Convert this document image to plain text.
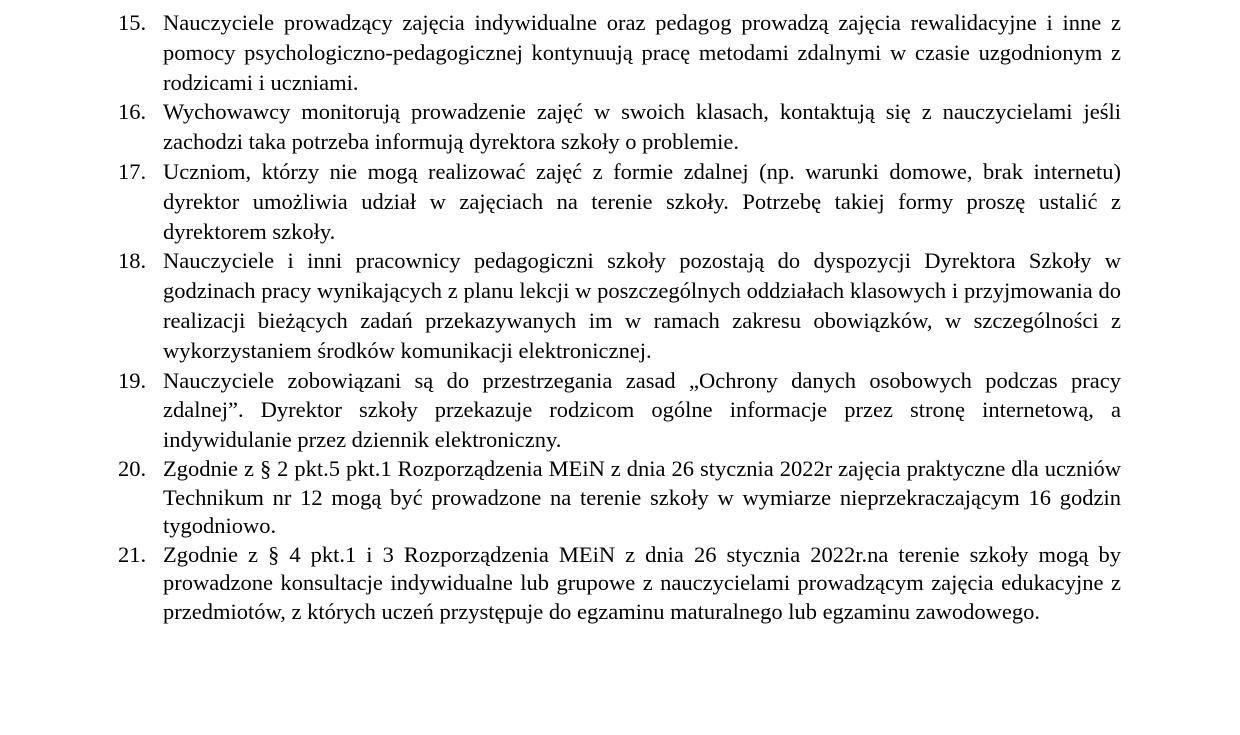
15. Nauczyciele prowadzący zajęcia indywidualne oraz pedagog prowadzą zajęcia rewalidacyjne i inne z pomocy psychologiczno-pedagogicznej kontynuują pracę metodami zdalnymi w czasie uzgodnionym z rodzicami i uczniami.
16. Wychowawcy monitorują prowadzenie zajęć w swoich klasach, kontaktują się z nauczycielami jeśli zachodzi taka potrzeba informują dyrektora szkoły o problemie.
17. Uczniom, którzy nie mogą realizować zajęć z formie zdalnej (np. warunki domowe, brak internetu) dyrektor umożliwia udział w zajęciach na terenie szkoły. Potrzebę takiej formy proszę ustalić z dyrektorem szkoły.
18. Nauczyciele i inni pracownicy pedagogiczni szkoły pozostają do dyspozycji Dyrektora Szkoły w godzinach pracy wynikających z planu lekcji w poszczególnych oddziałach klasowych i przyjmowania do realizacji bieżących zadań przekazywanych im w ramach zakresu obowiązków, w szczególności z wykorzystaniem środków komunikacji elektronicznej.
19. Nauczyciele zobowiązani są do przestrzegania zasad „Ochrony danych osobowych podczas pracy zdalnej”. Dyrektor szkoły przekazuje rodzicom ogólne informacje przez stronę internetową, a indywidulanie przez dziennik elektroniczny.
20. Zgodnie z § 2 pkt.5 pkt.1 Rozporządzenia MEiN z dnia 26 stycznia 2022r zajęcia praktyczne dla uczniów Technikum nr 12 mogą być prowadzone na terenie szkoły w wymiarze nieprzekraczającym 16 godzin tygodniowo.
21. Zgodnie z § 4 pkt.1 i 3 Rozporządzenia MEiN z dnia 26 stycznia 2022r.na terenie szkoły mogą by prowadzone konsultacje indywidualne lub grupowe z nauczycielami prowadzącym zajęcia edukacyjne z przedmiotów, z których uczeń przystępuje do egzaminu maturalnego lub egzaminu zawodowego.
